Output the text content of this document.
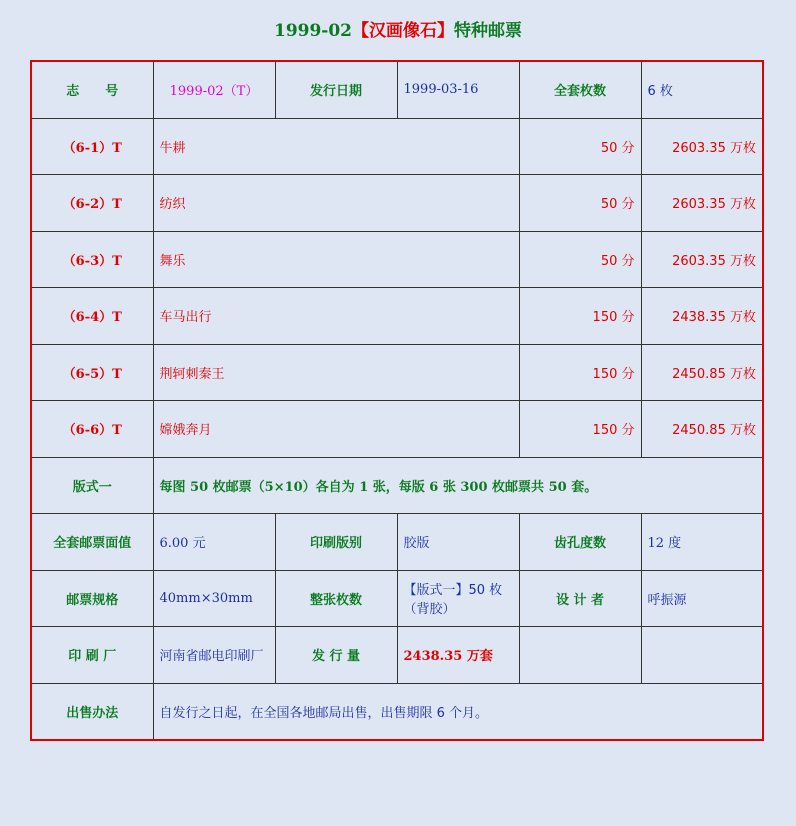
1999-02【汉画像石】特种邮票
志　　号	1999-02（T）	发行日期	1999-03-16	全套枚数	6 枚
（6-1）T	牛耕			50 分	2603.35 万枚
（6-2）T	纺织			50 分	2603.35 万枚
（6-3）T	舞乐			50 分	2603.35 万枚
（6-4）T	车马出行			150 分	2438.35 万枚
（6-5）T	荆轲刺秦王			150 分	2450.85 万枚
（6-6）T	嫦娥奔月			150 分	2450.85 万枚
版式一	每图 50 枚邮票（5×10）各自为 1 张，每版 6 张 300 枚邮票共 50 套。				
全套邮票面值	6.00 元	印刷版别	胶版	齿孔度数	12 度
邮票规格	40mm×30mm	整张枚数	【版式一】50 枚（背胶）	设 计 者	呼振源
印 刷 厂	河南省邮电印刷厂	发 行 量	2438.35 万套		
出售办法	自发行之日起，在全国各地邮局出售，出售期限 6 个月。				
